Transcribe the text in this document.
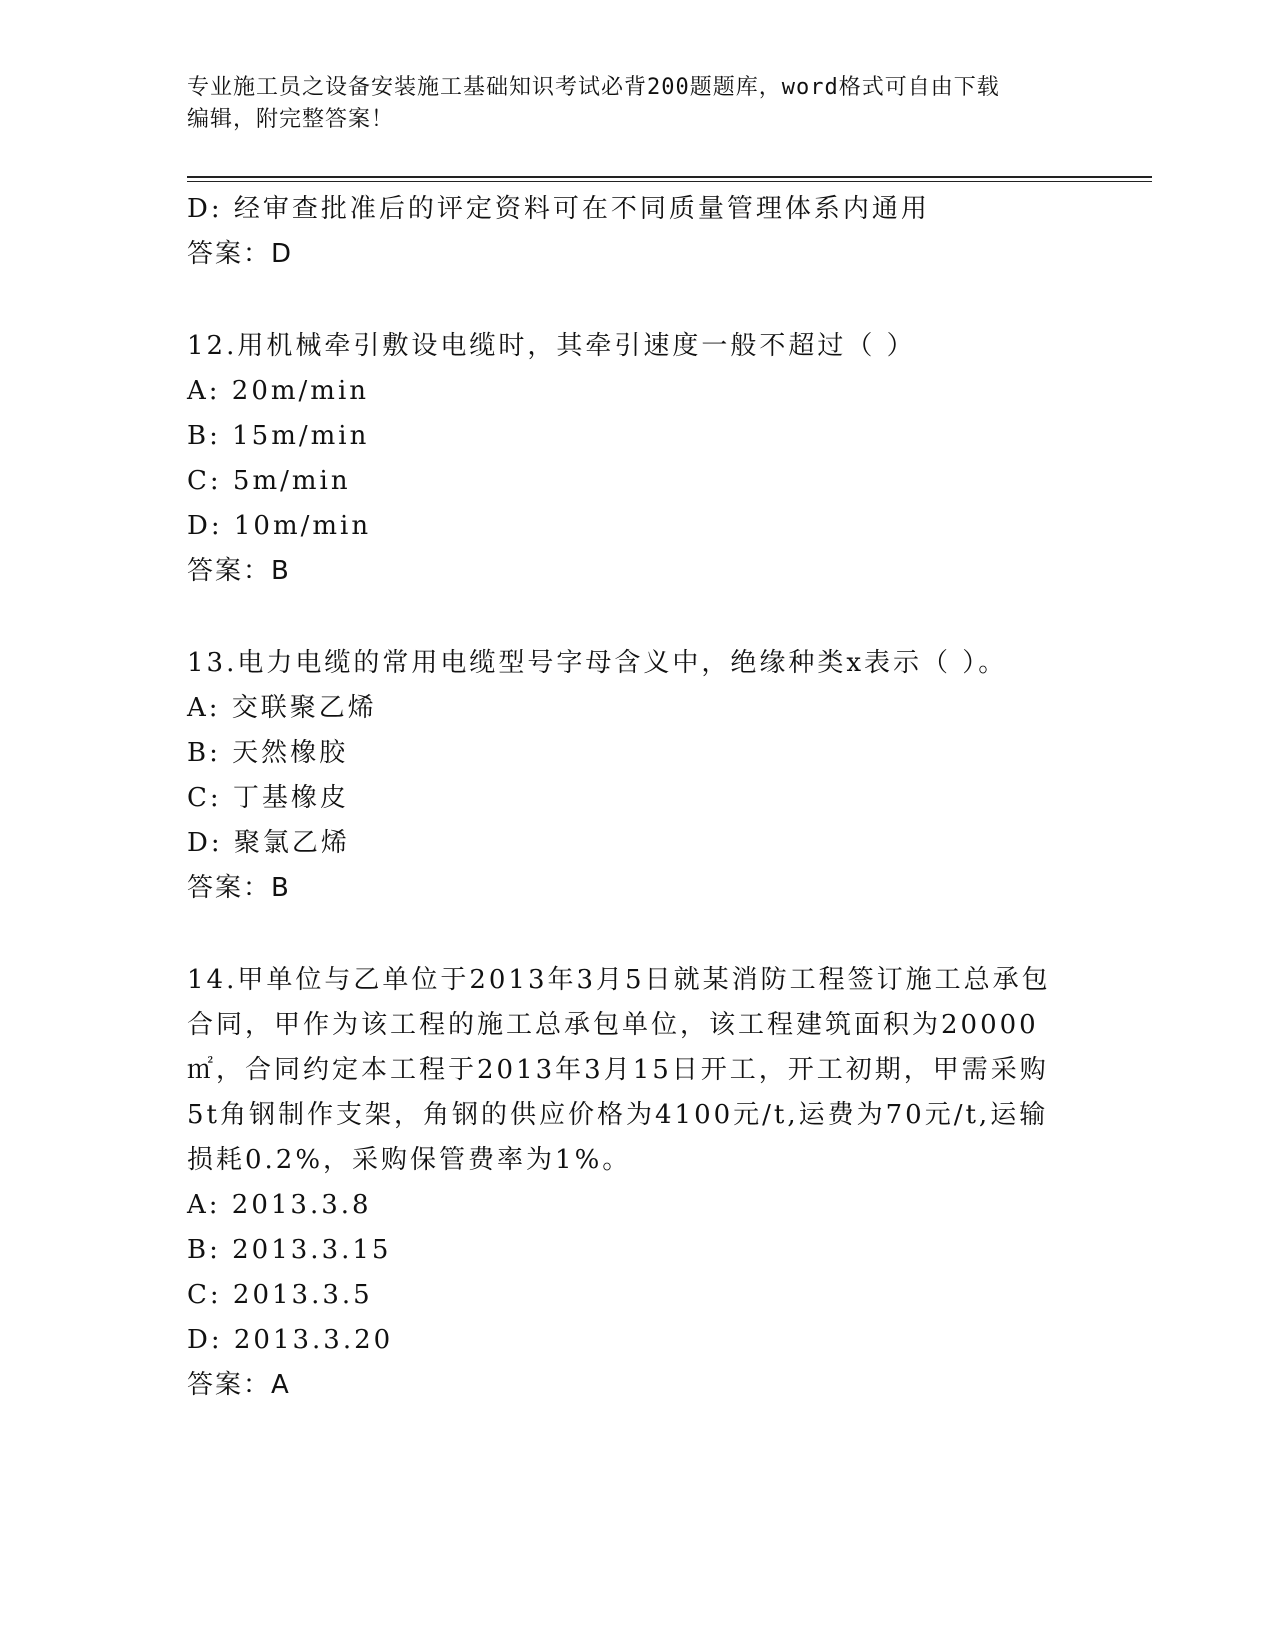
专业施工员之设备安装施工基础知识考试必背200题题库，word格式可自由下载
编辑，附完整答案！
D: 经审查批准后的评定资料可在不同质量管理体系内通用
答案：D
12.用机械牵引敷设电缆时，其牵引速度一般不超过（ ）
A: 20m/min
B: 15m/min
C: 5m/min
D: 10m/min
答案：B
13.电力电缆的常用电缆型号字母含义中，绝缘种类x表示（ ）。
A: 交联聚乙烯
B: 天然橡胶
C: 丁基橡皮
D: 聚氯乙烯
答案：B
14.甲单位与乙单位于2013年3月5日就某消防工程签订施工总承包合同，甲作为该工程的施工总承包单位，该工程建筑面积为20000㎡，合同约定本工程于2013年3月15日开工，开工初期，甲需采购5t角钢制作支架，角钢的供应价格为4100元/t,运费为70元/t,运输损耗0.2%，采购保管费率为1%。
A: 2013.3.8
B: 2013.3.15
C: 2013.3.5
D: 2013.3.20
答案：A
